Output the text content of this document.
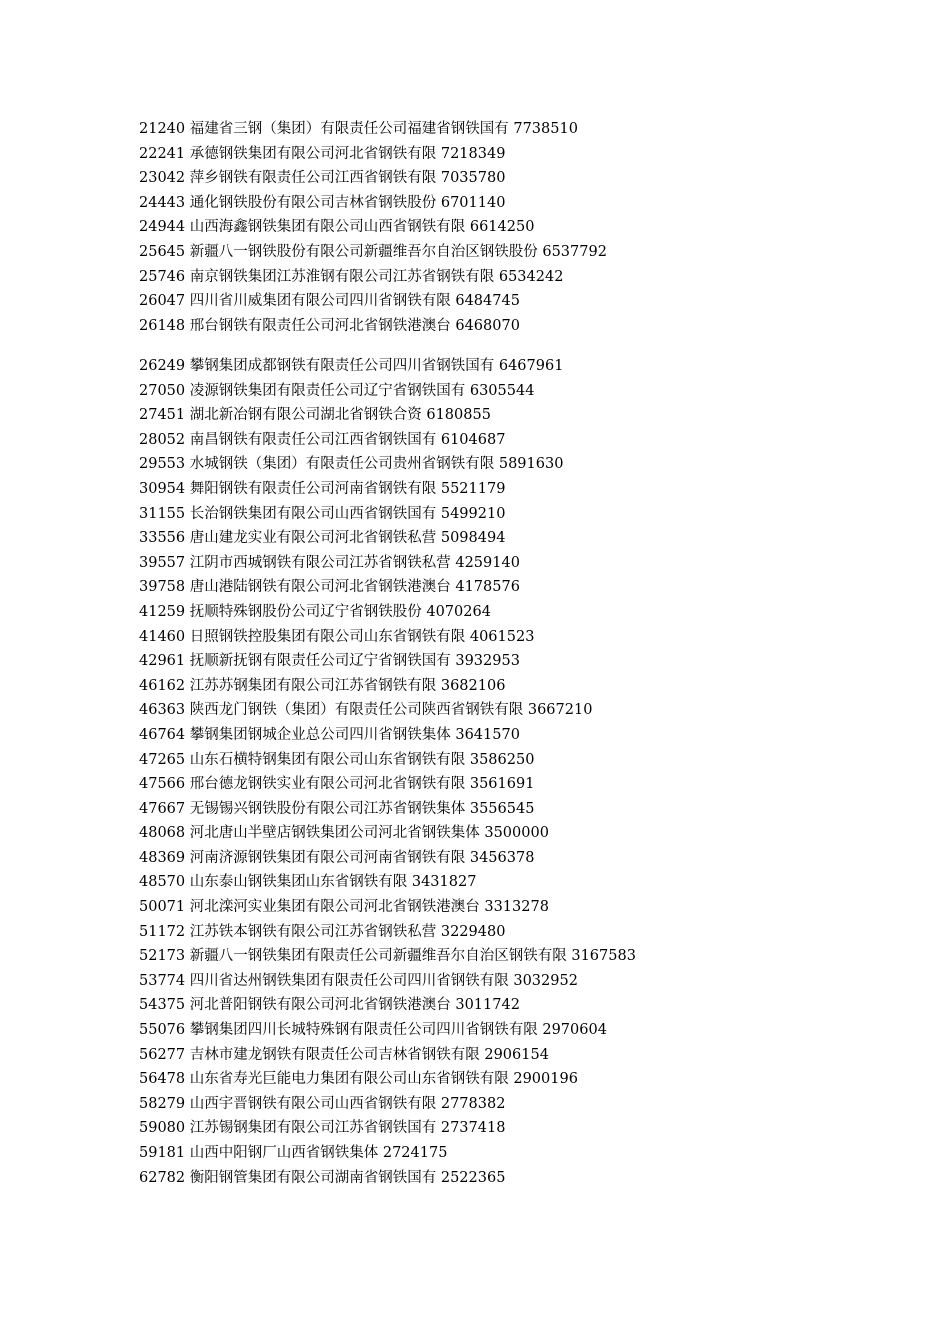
21240 福建省三钢（集团）有限责任公司福建省钢铁国有 7738510
22241 承德钢铁集团有限公司河北省钢铁有限 7218349
23042 萍乡钢铁有限责任公司江西省钢铁有限 7035780
24443 通化钢铁股份有限公司吉林省钢铁股份 6701140
24944 山西海鑫钢铁集团有限公司山西省钢铁有限 6614250
25645 新疆八一钢铁股份有限公司新疆维吾尔自治区钢铁股份 6537792
25746 南京钢铁集团江苏淮钢有限公司江苏省钢铁有限 6534242
26047 四川省川威集团有限公司四川省钢铁有限 6484745
26148 邢台钢铁有限责任公司河北省钢铁港澳台 6468070
26249 攀钢集团成都钢铁有限责任公司四川省钢铁国有 6467961
27050 凌源钢铁集团有限责任公司辽宁省钢铁国有 6305544
27451 湖北新冶钢有限公司湖北省钢铁合资 6180855
28052 南昌钢铁有限责任公司江西省钢铁国有 6104687
29553 水城钢铁（集团）有限责任公司贵州省钢铁有限 5891630
30954 舞阳钢铁有限责任公司河南省钢铁有限 5521179
31155 长治钢铁集团有限公司山西省钢铁国有 5499210
33556 唐山建龙实业有限公司河北省钢铁私营 5098494
39557 江阴市西城钢铁有限公司江苏省钢铁私营 4259140
39758 唐山港陆钢铁有限公司河北省钢铁港澳台 4178576
41259 抚顺特殊钢股份公司辽宁省钢铁股份 4070264
41460 日照钢铁控股集团有限公司山东省钢铁有限 4061523
42961 抚顺新抚钢有限责任公司辽宁省钢铁国有 3932953
46162 江苏苏钢集团有限公司江苏省钢铁有限 3682106
46363 陕西龙门钢铁（集团）有限责任公司陕西省钢铁有限 3667210
46764 攀钢集团钢城企业总公司四川省钢铁集体 3641570
47265 山东石横特钢集团有限公司山东省钢铁有限 3586250
47566 邢台德龙钢铁实业有限公司河北省钢铁有限 3561691
47667 无锡锡兴钢铁股份有限公司江苏省钢铁集体 3556545
48068 河北唐山半壁店钢铁集团公司河北省钢铁集体 3500000
48369 河南济源钢铁集团有限公司河南省钢铁有限 3456378
48570 山东泰山钢铁集团山东省钢铁有限 3431827
50071 河北滦河实业集团有限公司河北省钢铁港澳台 3313278
51172 江苏铁本钢铁有限公司江苏省钢铁私营 3229480
52173 新疆八一钢铁集团有限责任公司新疆维吾尔自治区钢铁有限 3167583
53774 四川省达州钢铁集团有限责任公司四川省钢铁有限 3032952
54375 河北普阳钢铁有限公司河北省钢铁港澳台 3011742
55076 攀钢集团四川长城特殊钢有限责任公司四川省钢铁有限 2970604
56277 吉林市建龙钢铁有限责任公司吉林省钢铁有限 2906154
56478 山东省寿光巨能电力集团有限公司山东省钢铁有限 2900196
58279 山西宇晋钢铁有限公司山西省钢铁有限 2778382
59080 江苏锡钢集团有限公司江苏省钢铁国有 2737418
59181 山西中阳钢厂山西省钢铁集体 2724175
62782 衡阳钢管集团有限公司湖南省钢铁国有 2522365
